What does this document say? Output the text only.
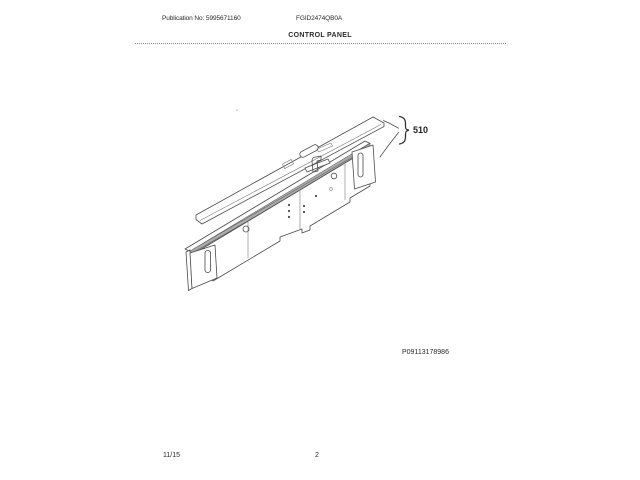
Publication No: 5995671160	FGID2474QB0A
CONTROL PANEL
510
P09113178986
11/15	2
